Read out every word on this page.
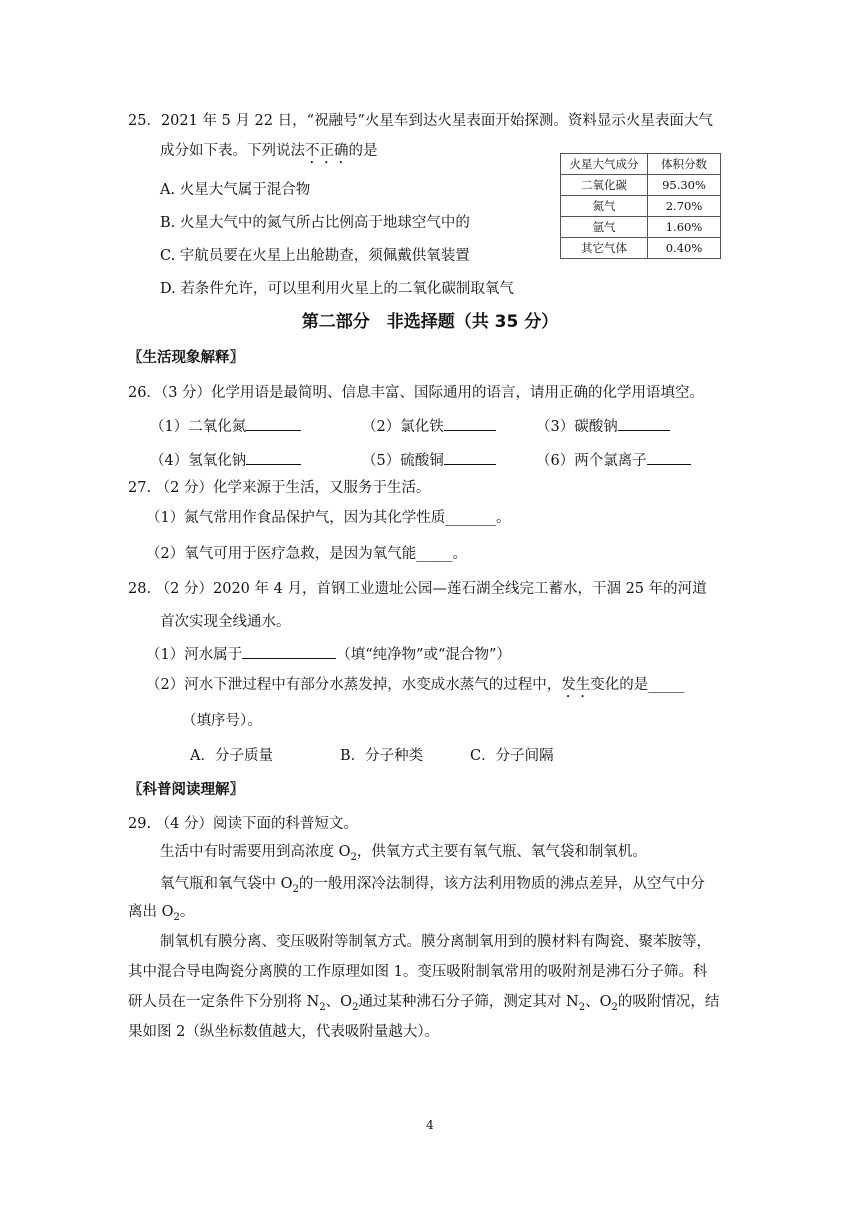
25．2021 年 5 月 22 日，“祝融号”火星车到达火星表面开始探测。资料显示火星表面大气
成分如下表。下列说法不正确的是
火星大气成分	体积分数
二氧化碳	95.30%
氮气	2.70%
氩气	1.60%
其它气体	0.40%
A. 火星大气属于混合物
B. 火星大气中的氮气所占比例高于地球空气中的
C. 宇航员要在火星上出舱勘查，须佩戴供氧装置
D. 若条件允许，可以里利用火星上的二氧化碳制取氧气
第二部分　非选择题（共 35 分）
〖生活现象解释〗
26．（3 分）化学用语是最简明、信息丰富、国际通用的语言，请用正确的化学用语填空。
（1）二氧化氮	（2）氯化铁	（3）碳酸钠
（4）氢氧化钠	（5）硫酸铜	（6）两个氯离子
27. （2 分）化学来源于生活，又服务于生活。
（1）氮气常用作食品保护气，因为其化学性质_______。
（2）氧气可用于医疗急救，是因为氧气能_____。
28. （2 分）2020 年 4 月，首钢工业遗址公园—莲石湖全线完工蓄水，干涸 25 年的河道
首次实现全线通水。
（1）河水属于	（填“纯净物”或“混合物”）
（2）河水下泄过程中有部分水蒸发掉，水变成水蒸气的过程中，发生变化的是_____
（填序号）。
A．分子质量	B．分子种类	C．分子间隔
〖科普阅读理解〗
29. （4 分）阅读下面的科普短文。
生活中有时需要用到高浓度 $O_2$，供氧方式主要有氧气瓶、氧气袋和制氧机。
氧气瓶和氧气袋中 $O_2$的一般用深冷法制得，该方法利用物质的沸点差异，从空气中分
离出 $O_2$。
制氧机有膜分离、变压吸附等制氧方式。膜分离制氧用到的膜材料有陶瓷、聚苯胺等，
其中混合导电陶瓷分离膜的工作原理如图 1。变压吸附制氧常用的吸附剂是沸石分子筛。科
研人员在一定条件下分别将 $N_2$、$O_2$通过某种沸石分子筛，测定其对 $N_2$、$O_2$的吸附情况，结
果如图 2（纵坐标数值越大，代表吸附量越大）。
4
